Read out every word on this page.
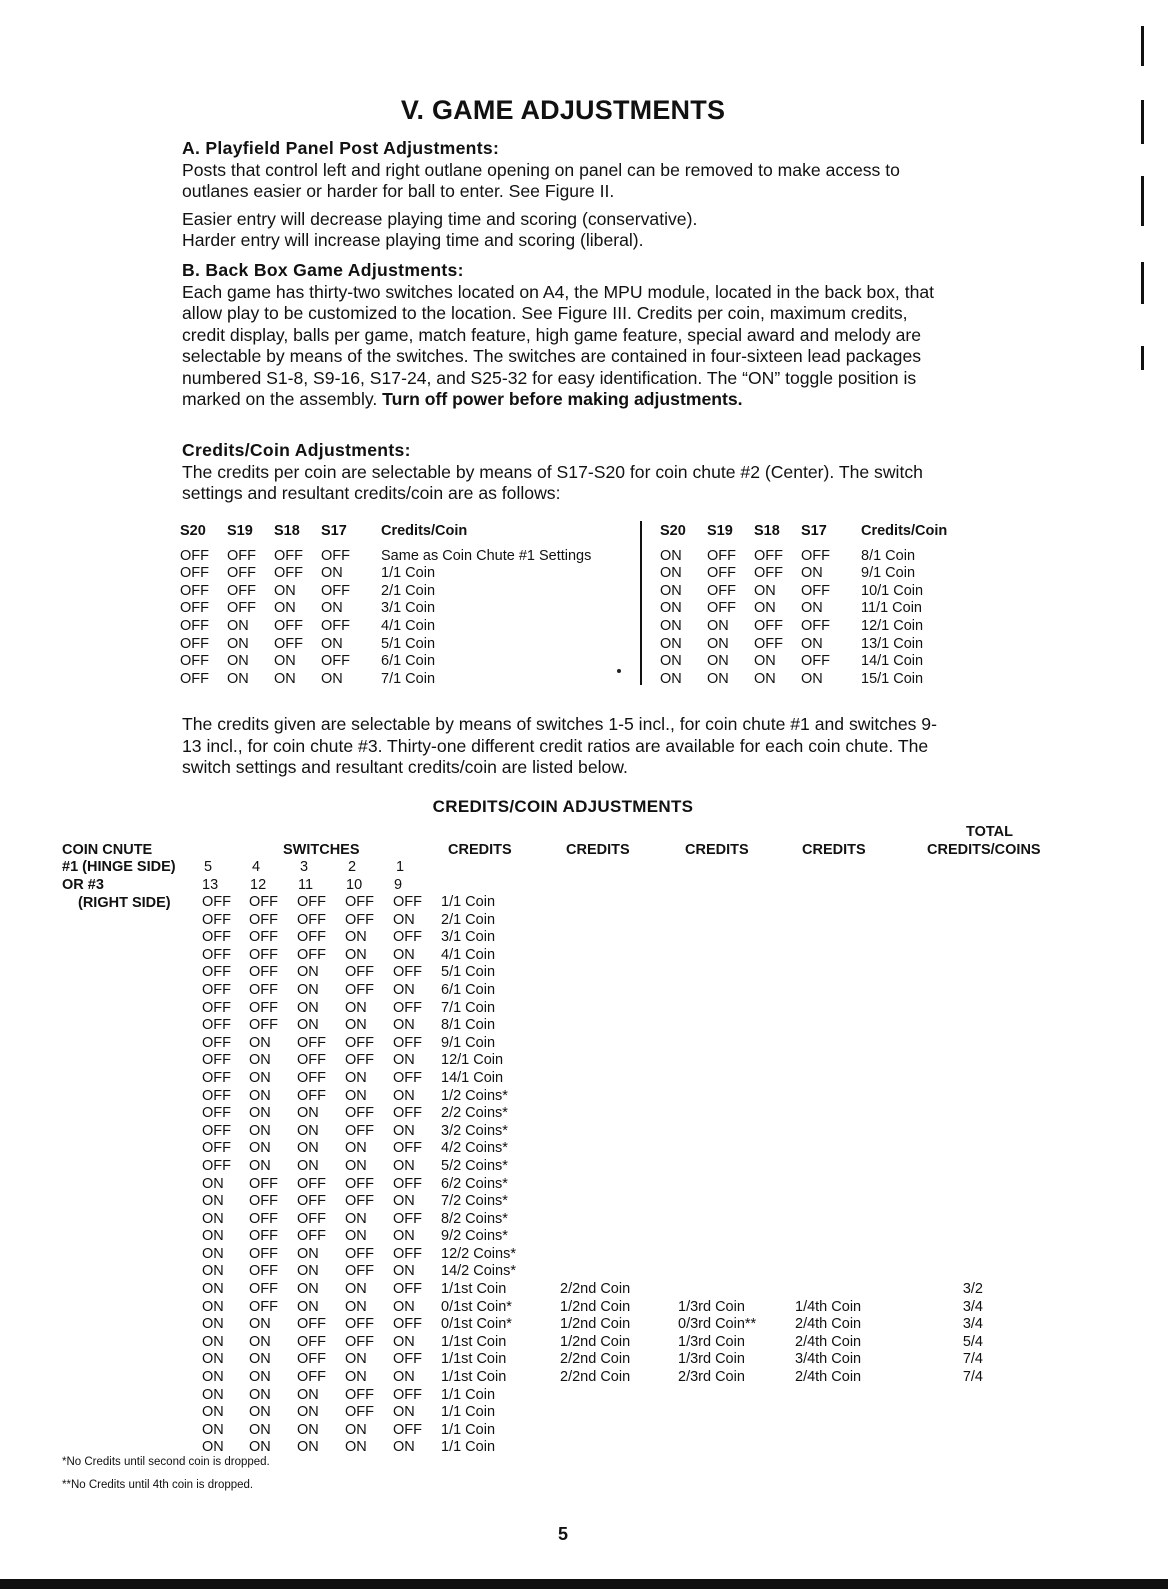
V. GAME ADJUSTMENTS

A. Playfield Panel Post Adjustments:

Posts that control left and right outlane opening on panel can be removed to make access to outlanes easier or harder for ball to enter. See Figure II.

Easier entry will decrease playing time and scoring (conservative).

Harder entry will increase playing time and scoring (liberal).

B. Back Box Game Adjustments:

Each game has thirty-two switches located on A4, the MPU module, located in the back box, that allow play to be customized to the location. See Figure III. Credits per coin, maximum credits, credit display, balls per game, match feature, high game feature, special award and melody are selectable by means of the switches. The switches are contained in four-sixteen lead packages numbered S1-8, S9-16, S17-24, and S25-32 for easy identification. The “ON” toggle position is marked on the assembly. Turn off power before making adjustments.

Credits/Coin Adjustments:

The credits per coin are selectable by means of S17-S20 for coin chute #2 (Center). The switch settings and resultant credits/coin are as follows:

S20	S19	S18	S17	Credits/Coin
OFF	OFF	OFF	OFF	Same as Coin Chute #1 Settings
OFF	OFF	OFF	ON	1/1 Coin
OFF	OFF	ON	OFF	2/1 Coin
OFF	OFF	ON	ON	3/1 Coin
OFF	ON	OFF	OFF	4/1 Coin
OFF	ON	OFF	ON	5/1 Coin
OFF	ON	ON	OFF	6/1 Coin
OFF	ON	ON	ON	7/1 Coin
S20	S19	S18	S17	Credits/Coin
ON	OFF	OFF	OFF	8/1 Coin
ON	OFF	OFF	ON	9/1 Coin
ON	OFF	ON	OFF	10/1 Coin
ON	OFF	ON	ON	11/1 Coin
ON	ON	OFF	OFF	12/1 Coin
ON	ON	OFF	ON	13/1 Coin
ON	ON	ON	OFF	14/1 Coin
ON	ON	ON	ON	15/1 Coin

The credits given are selectable by means of switches 1-5 incl., for coin chute #1 and switches 9-13 incl., for coin chute #3. Thirty-one different credit ratios are available for each coin chute. The switch settings and resultant credits/coin are listed below.

CREDITS/COIN ADJUSTMENTS
COIN CNUTE
#1 (HINGE SIDE)
OR #3
(RIGHT SIDE)
SWITCHES	CREDITS	CREDITS	CREDITS	CREDITS
TOTAL
CREDITS/COINS
5	4	3	2	1
13 12 11 10 9
OFF	OFF	OFF	OFF	OFF	1/1 Coin				
OFF	OFF	OFF	OFF	ON	2/1 Coin				
OFF	OFF	OFF	ON	OFF	3/1 Coin				
OFF	OFF	OFF	ON	ON	4/1 Coin				
OFF	OFF	ON	OFF	OFF	5/1 Coin				
OFF	OFF	ON	OFF	ON	6/1 Coin				
OFF	OFF	ON	ON	OFF	7/1 Coin				
OFF	OFF	ON	ON	ON	8/1 Coin				
OFF	ON	OFF	OFF	OFF	9/1 Coin				
OFF	ON	OFF	OFF	ON	12/1 Coin				
OFF	ON	OFF	ON	OFF	14/1 Coin				
OFF	ON	OFF	ON	ON	1/2 Coins*				
OFF	ON	ON	OFF	OFF	2/2 Coins*				
OFF	ON	ON	OFF	ON	3/2 Coins*				
OFF	ON	ON	ON	OFF	4/2 Coins*				
OFF	ON	ON	ON	ON	5/2 Coins*				
ON	OFF	OFF	OFF	OFF	6/2 Coins*				
ON	OFF	OFF	OFF	ON	7/2 Coins*				
ON	OFF	OFF	ON	OFF	8/2 Coins*				
ON	OFF	OFF	ON	ON	9/2 Coins*				
ON	OFF	ON	OFF	OFF	12/2 Coins*				
ON	OFF	ON	OFF	ON	14/2 Coins*				
ON	OFF	ON	ON	OFF	1/1st Coin	2/2nd Coin			3/2
ON	OFF	ON	ON	ON	0/1st Coin*	1/2nd Coin	1/3rd Coin	1/4th Coin	3/4
ON	ON	OFF	OFF	OFF	0/1st Coin*	1/2nd Coin	0/3rd Coin**	2/4th Coin	3/4
ON	ON	OFF	OFF	ON	1/1st Coin	1/2nd Coin	1/3rd Coin	2/4th Coin	5/4
ON	ON	OFF	ON	OFF	1/1st Coin	2/2nd Coin	1/3rd Coin	3/4th Coin	7/4
ON	ON	OFF	ON	ON	1/1st Coin	2/2nd Coin	2/3rd Coin	2/4th Coin	7/4
ON	ON	ON	OFF	OFF	1/1 Coin				
ON	ON	ON	OFF	ON	1/1 Coin				
ON	ON	ON	ON	OFF	1/1 Coin				
ON	ON	ON	ON	ON	1/1 Coin				
*No Credits until second coin is dropped.
**No Credits until 4th coin is dropped.
5
